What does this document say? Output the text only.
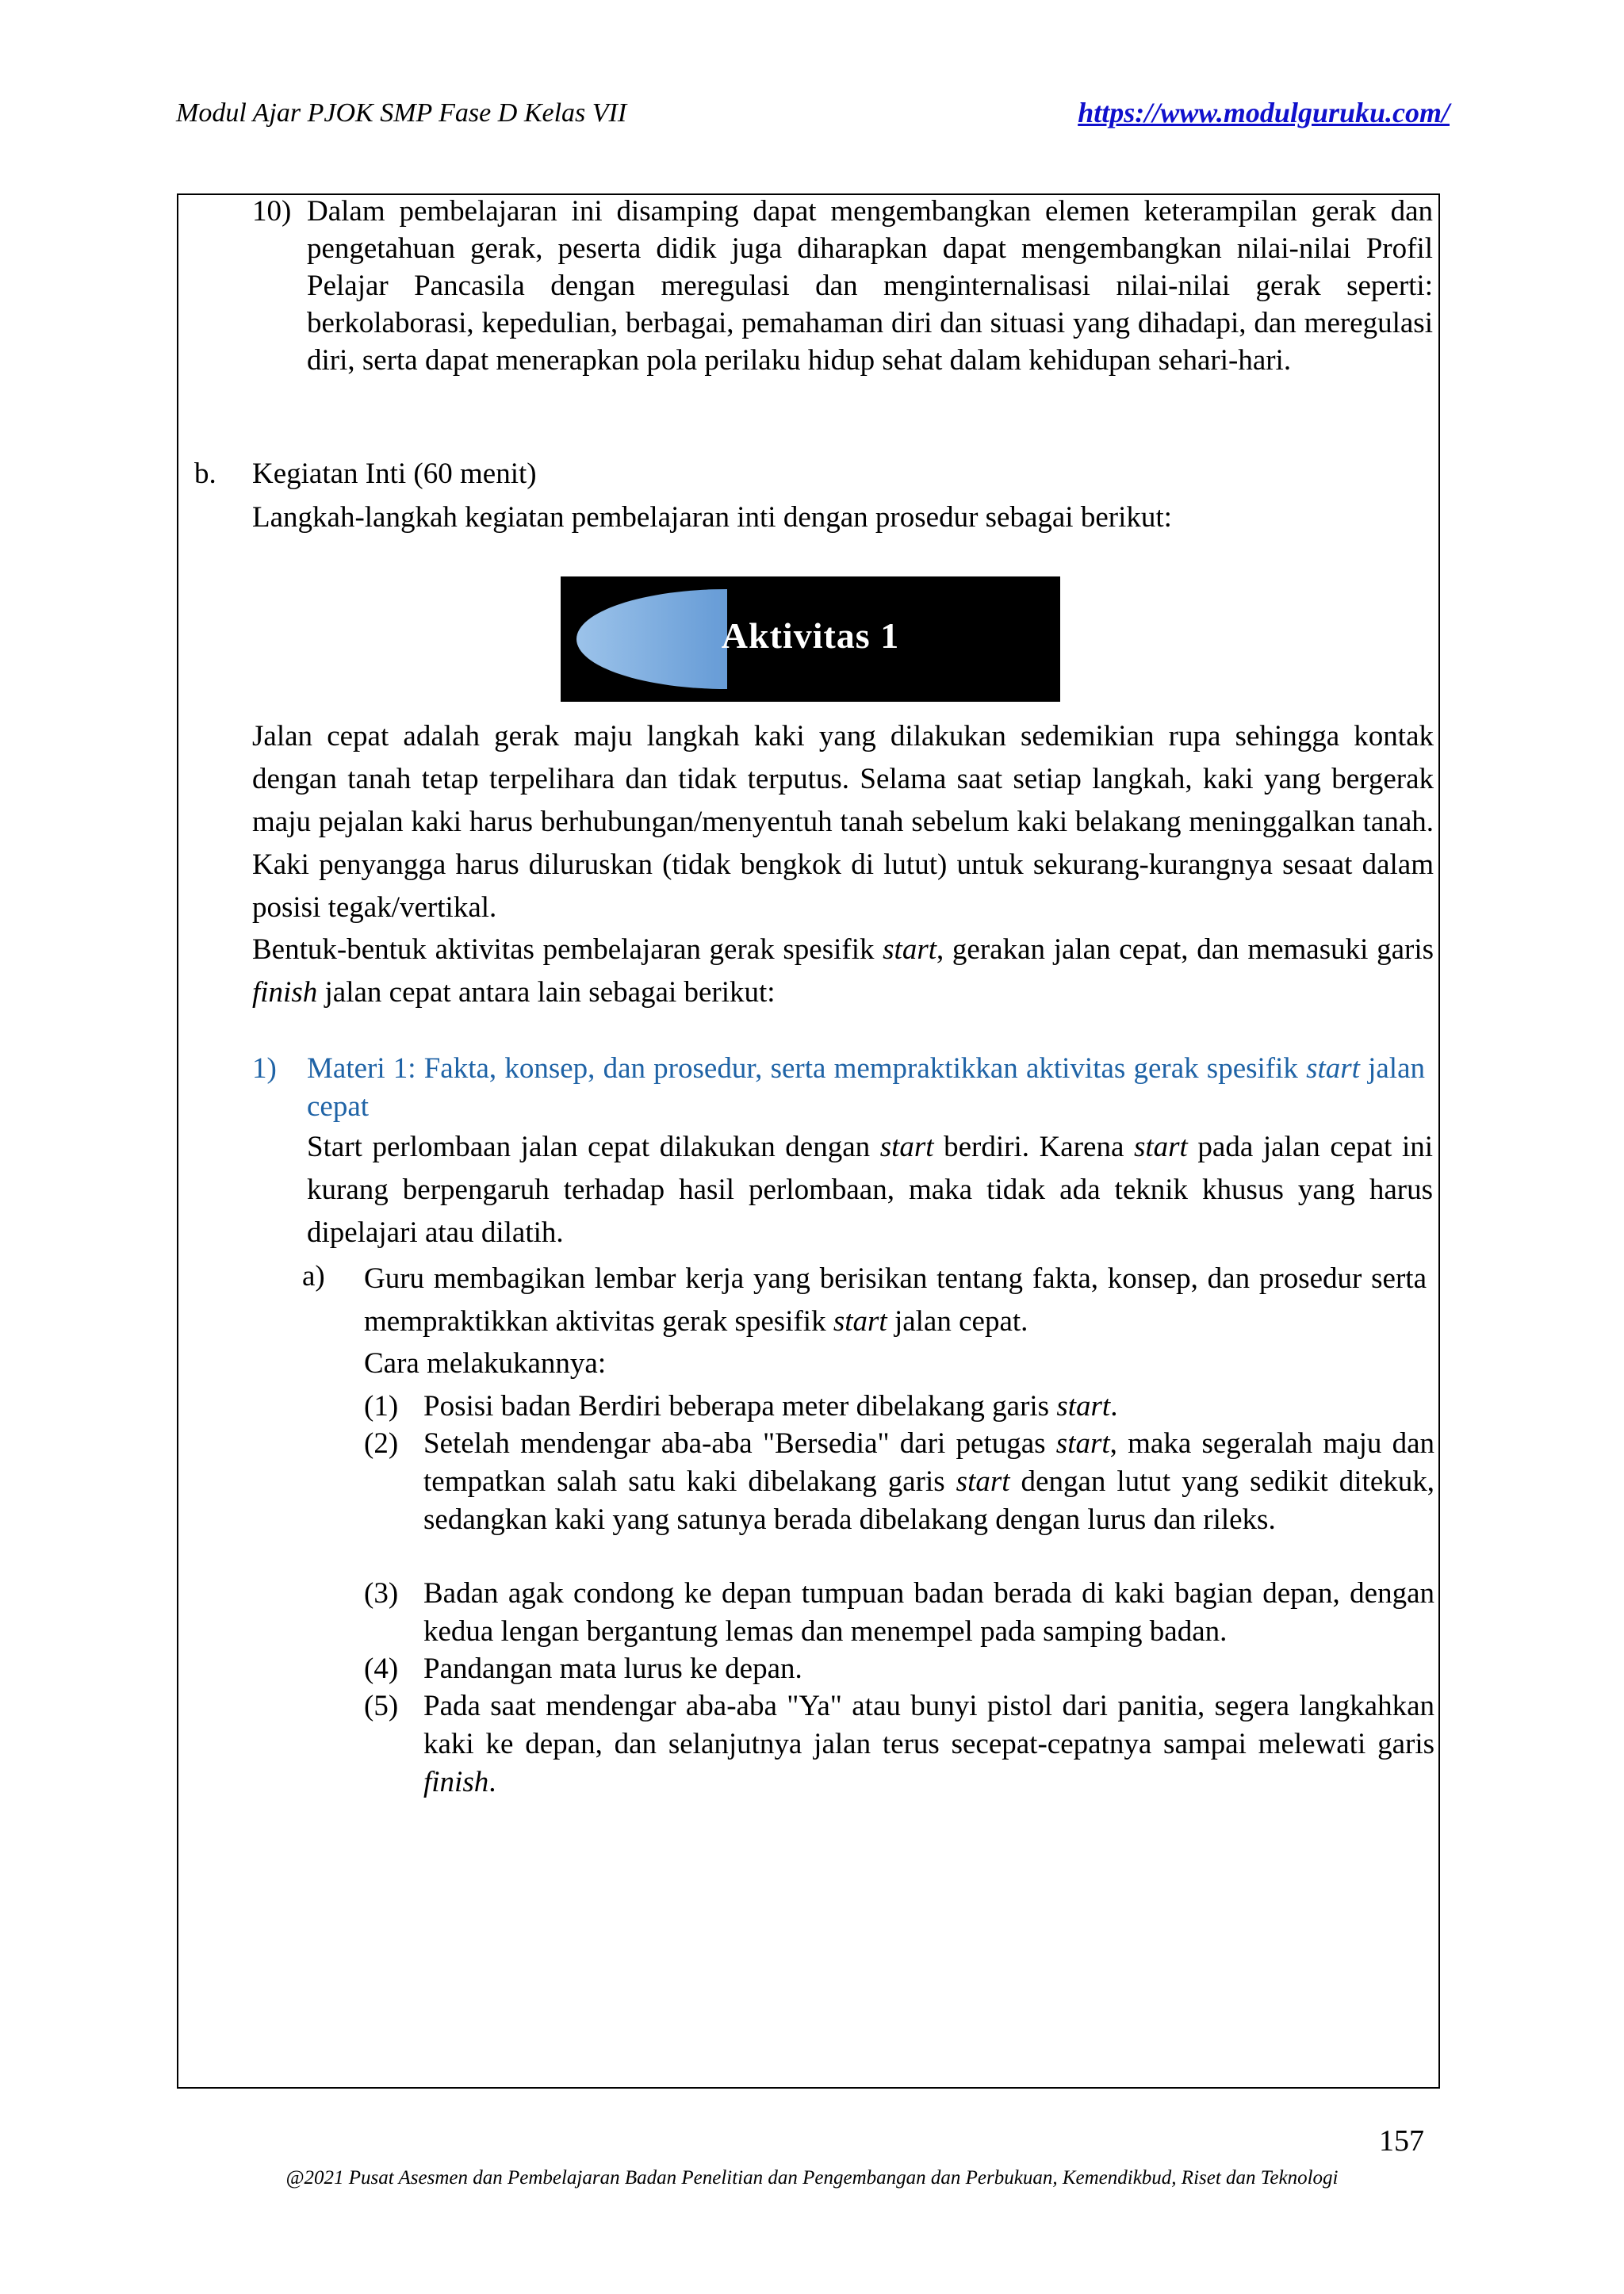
Modul Ajar PJOK SMP Fase D Kelas VII	https://www.modulguruku.com/
10) Dalam pembelajaran ini disamping dapat mengembangkan elemen keterampilan gerak dan pengetahuan gerak, peserta didik juga diharapkan dapat mengembangkan nilai-nilai Profil Pelajar Pancasila dengan meregulasi dan menginternalisasi nilai-nilai gerak seperti: berkolaborasi, kepedulian, berbagai, pemahaman diri dan situasi yang dihadapi, dan meregulasi diri, serta dapat menerapkan pola perilaku hidup sehat dalam kehidupan sehari-hari.
b. Kegiatan Inti (60 menit)
Langkah-langkah kegiatan pembelajaran inti dengan prosedur sebagai berikut:
Aktivitas 1
Jalan cepat adalah gerak maju langkah kaki yang dilakukan sedemikian rupa sehingga kontak dengan tanah tetap terpelihara dan tidak terputus. Selama saat setiap langkah, kaki yang bergerak maju pejalan kaki harus berhubungan/menyentuh tanah sebelum kaki belakang meninggalkan tanah. Kaki penyangga harus diluruskan (tidak bengkok di lutut) untuk sekurang-kurangnya sesaat dalam posisi tegak/vertikal.
Bentuk-bentuk aktivitas pembelajaran gerak spesifik start, gerakan jalan cepat, dan memasuki garis finish jalan cepat antara lain sebagai berikut:
1) Materi 1: Fakta, konsep, dan prosedur, serta mempraktikkan aktivitas gerak spesifik start jalan cepat
Start perlombaan jalan cepat dilakukan dengan start berdiri. Karena start pada jalan cepat ini kurang berpengaruh terhadap hasil perlombaan, maka tidak ada teknik khusus yang harus dipelajari atau dilatih.
a) Guru membagikan lembar kerja yang berisikan tentang fakta, konsep, dan prosedur serta mempraktikkan aktivitas gerak spesifik start jalan cepat.
Cara melakukannya:
(1) Posisi badan Berdiri beberapa meter dibelakang garis start.
(2) Setelah mendengar aba-aba "Bersedia" dari petugas start, maka segeralah maju dan tempatkan salah satu kaki dibelakang garis start dengan lutut yang sedikit ditekuk, sedangkan kaki yang satunya berada dibelakang dengan lurus dan rileks.
(3) Badan agak condong ke depan tumpuan badan berada di kaki bagian depan, dengan kedua lengan bergantung lemas dan menempel pada samping badan.
(4) Pandangan mata lurus ke depan.
(5) Pada saat mendengar aba-aba "Ya" atau bunyi pistol dari panitia, segera langkahkan kaki ke depan, dan selanjutnya jalan terus secepat-cepatnya sampai melewati garis finish.
157
@2021 Pusat Asesmen dan Pembelajaran Badan Penelitian dan Pengembangan dan Perbukuan, Kemendikbud, Riset dan Teknologi
